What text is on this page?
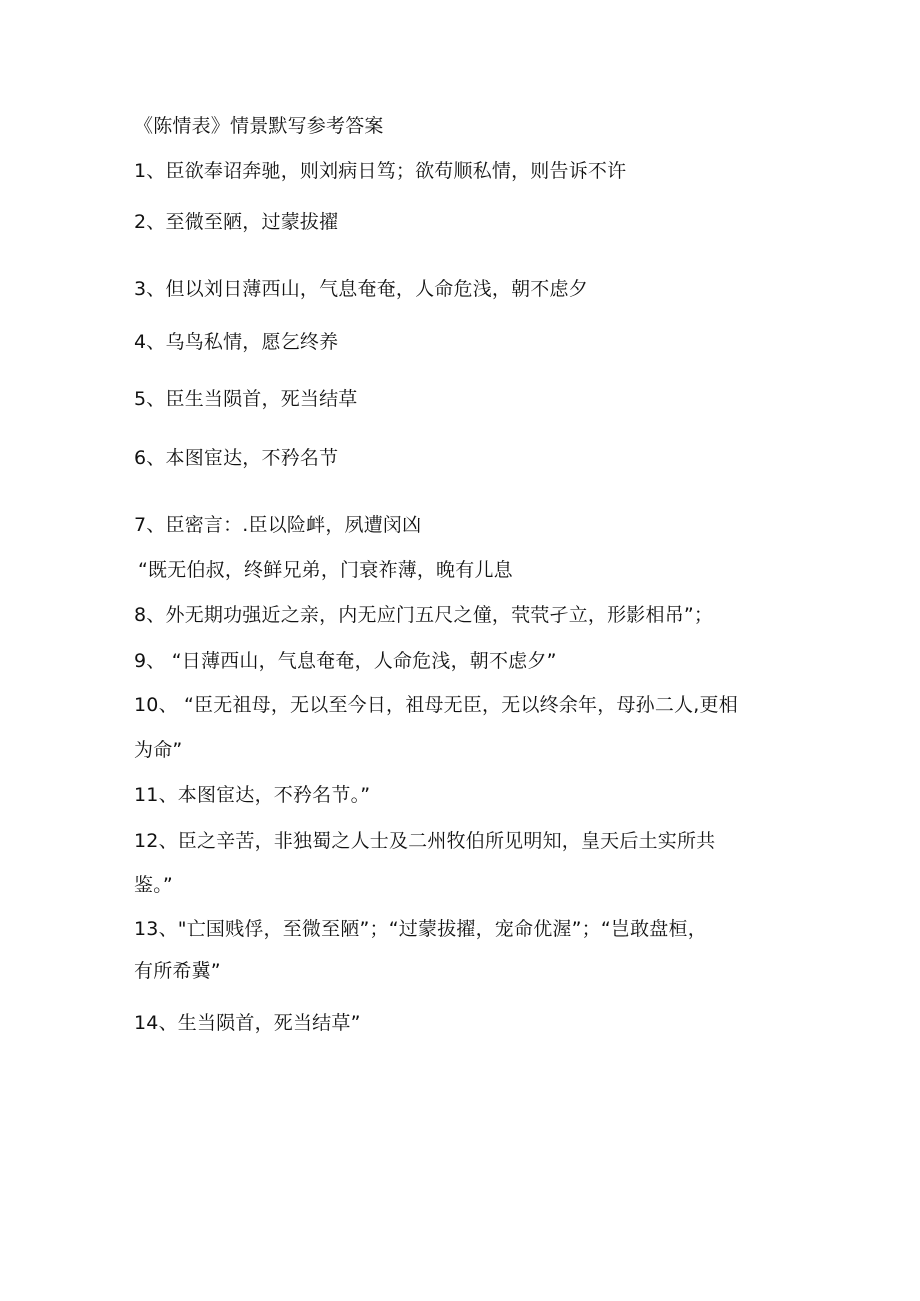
《陈情表》情景默写参考答案
1、臣欲奉诏奔驰，则刘病日笃；欲苟顺私情，则告诉不许
2、至微至陋，过蒙拔擢
3、但以刘日薄西山，气息奄奄，人命危浅，朝不虑夕
4、乌鸟私情，愿乞终养
5、臣生当陨首，死当结草
6、本图宦达，不矜名节
7、臣密言：.臣以险衅，夙遭闵凶
“既无伯叔，终鲜兄弟，门衰祚薄，晚有儿息
8、外无期功强近之亲，内无应门五尺之僮，茕茕孑立，形影相吊”；
9、 “日薄西山，气息奄奄，人命危浅，朝不虑夕”
10、 “臣无祖母，无以至今日，祖母无臣，无以终余年，母孙二人,更相
为命”
11、本图宦达，不矜名节。”
12、臣之辛苦，非独蜀之人士及二州牧伯所见明知，皇天后土实所共
鉴。”
13、"亡国贱俘，至微至陋”；“过蒙拔擢，宠命优渥”；“岂敢盘桓，
有所希冀”
14、生当陨首，死当结草”
